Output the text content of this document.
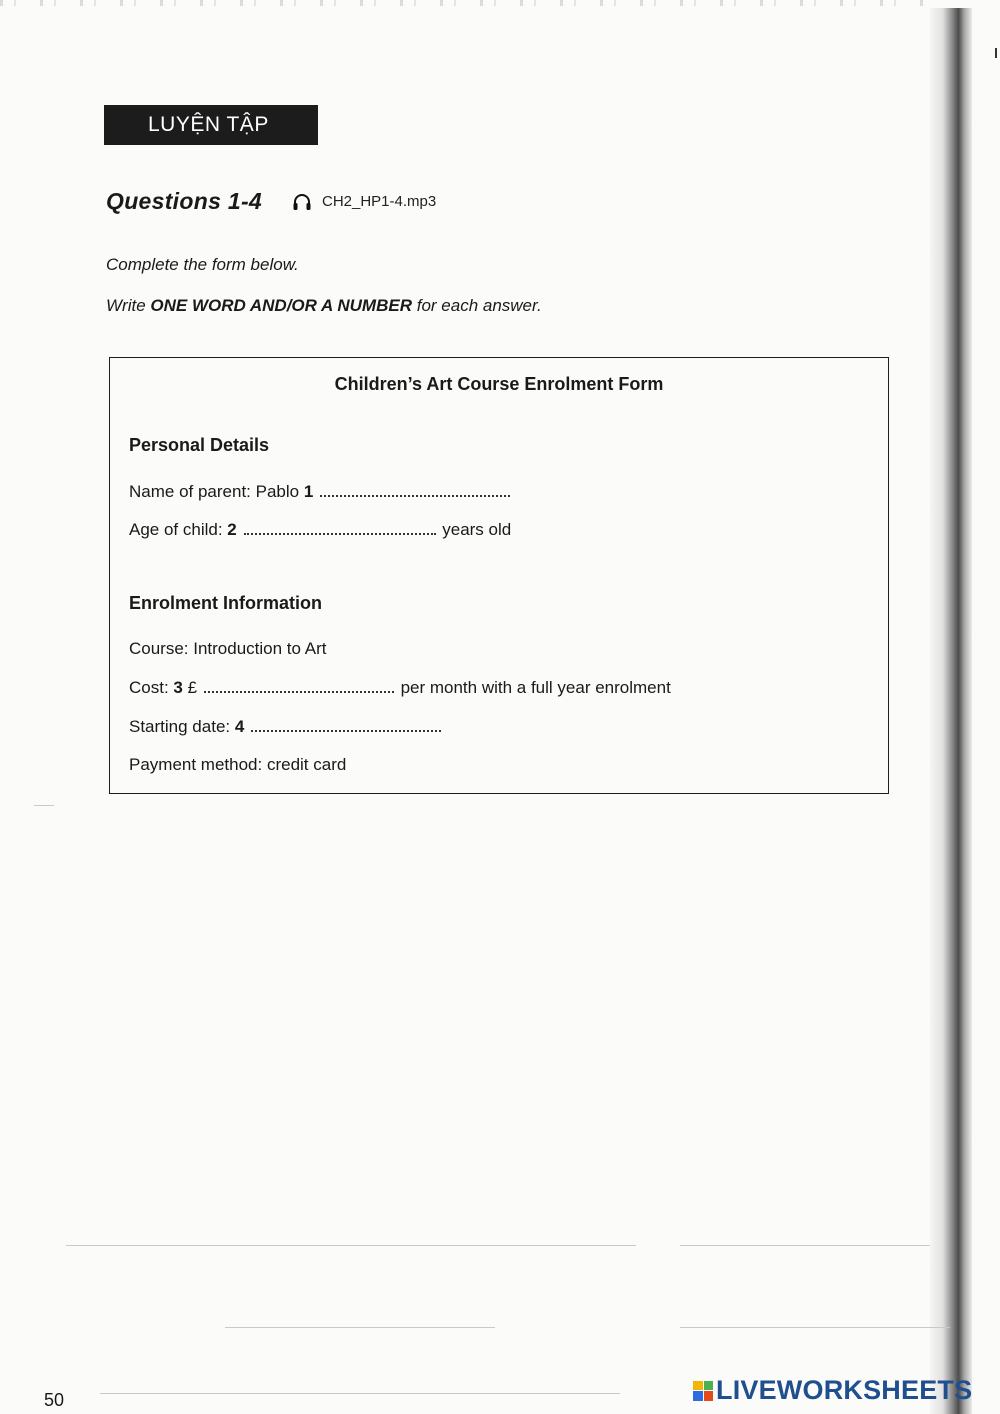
LUYỆN TẬP
Questions 1-4	CH2_HP1-4.mp3
Complete the form below.
Write ONE WORD AND/OR A NUMBER for each answer.
Children’s Art Course Enrolment Form
Personal Details
Name of parent: Pablo 1
Age of child: 2	years old
Enrolment Information
Course: Introduction to Art
Cost: 3 £	per month with a full year enrolment
Starting date: 4
Payment method: credit card
50	LIVEWORKSHEETS
